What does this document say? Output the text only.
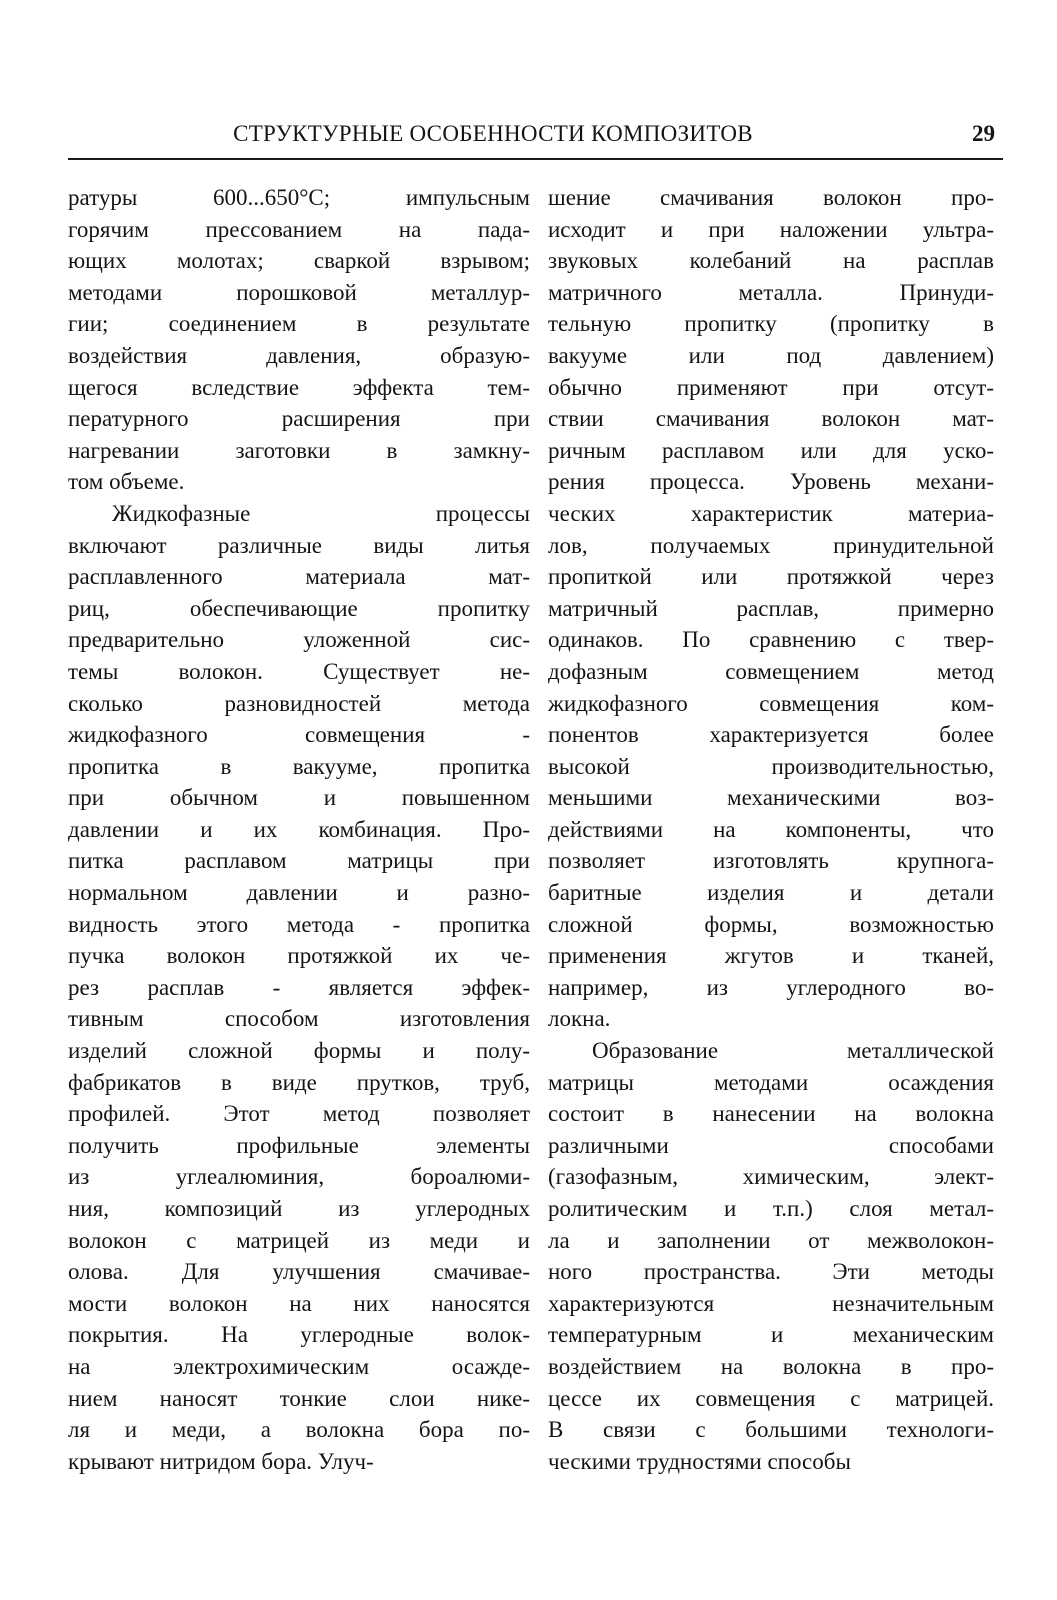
СТРУКТУРНЫЕ ОСОБЕННОСТИ КОМПОЗИТОВ	29
ратуры 600...650°С; импульсным
горячим прессованием на пада-
ющих молотах; сваркой взрывом;
методами порошковой металлур-
гии; соединением в результате
воздействия давления, образую-
щегося вследствие эффекта тем-
пературного расширения при
нагревании заготовки в замкну-
том объеме.
Жидкофазные процессы
включают различные виды литья
расплавленного материала мат-
риц, обеспечивающие пропитку
предварительно уложенной сис-
темы волокон. Существует не-
сколько разновидностей метода
жидкофазного совмещения -
пропитка в вакууме, пропитка
при обычном и повышенном
давлении и их комбинация. Про-
питка расплавом матрицы при
нормальном давлении и разно-
видность этого метода - пропитка
пучка волокон протяжкой их че-
рез расплав - является эффек-
тивным способом изготовления
изделий сложной формы и полу-
фабрикатов в виде прутков, труб,
профилей. Этот метод позволяет
получить профильные элементы
из углеалюминия, бороалюми-
ния, композиций из углеродных
волокон с матрицей из меди и
олова. Для улучшения смачивае-
мости волокон на них наносятся
покрытия. На углеродные волок-
на электрохимическим осажде-
нием наносят тонкие слои нике-
ля и меди, а волокна бора по-
крывают нитридом бора. Улуч-
шение смачивания волокон про-
исходит и при наложении ультра-
звуковых колебаний на расплав
матричного металла. Принуди-
тельную пропитку (пропитку в
вакууме или под давлением)
обычно применяют при отсут-
ствии смачивания волокон мат-
ричным расплавом или для уско-
рения процесса. Уровень механи-
ческих характеристик материа-
лов, получаемых принудительной
пропиткой или протяжкой через
матричный расплав, примерно
одинаков. По сравнению с твер-
дофазным совмещением метод
жидкофазного совмещения ком-
понентов характеризуется более
высокой производительностью,
меньшими механическими воз-
действиями на компоненты, что
позволяет изготовлять крупнога-
баритные изделия и детали
сложной формы, возможностью
применения жгутов и тканей,
например, из углеродного во-
локна.
Образование металлической
матрицы методами осаждения
состоит в нанесении на волокна
различными способами
(газофазным, химическим, элект-
ролитическим и т.п.) слоя метал-
ла и заполнении от межволокон-
ного пространства. Эти методы
характеризуются незначительным
температурным и механическим
воздействием на волокна в про-
цессе их совмещения с матрицей.
В связи с большими технологи-
ческими трудностями способы
